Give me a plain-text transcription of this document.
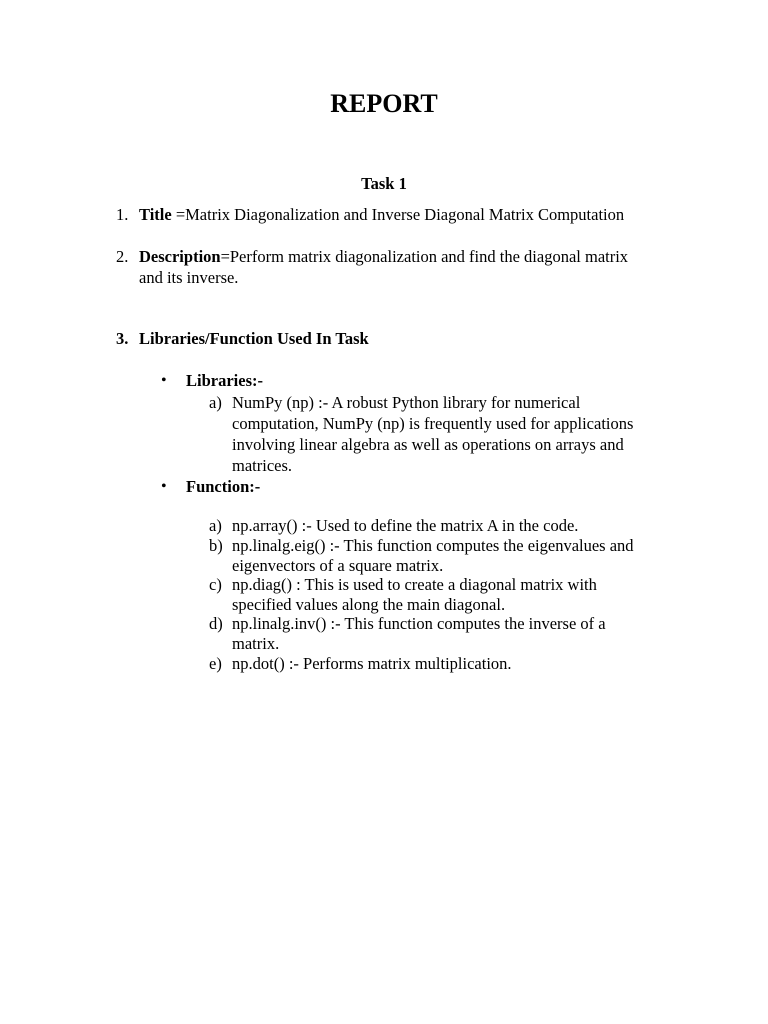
REPORT
Task 1
1. Title =Matrix Diagonalization and Inverse Diagonal Matrix Computation
2. Description=Perform matrix diagonalization and find the diagonal matrix
and its inverse.
3. Libraries/Function Used In Task
• Libraries:-
a) NumPy (np) :- A robust Python library for numerical
computation, NumPy (np) is frequently used for applications
involving linear algebra as well as operations on arrays and
matrices.
• Function:-
a) np.array() :- Used to define the matrix A in the code.
b) np.linalg.eig() :- This function computes the eigenvalues and
eigenvectors of a square matrix.
c) np.diag() : This is used to create a diagonal matrix with
specified values along the main diagonal.
d) np.linalg.inv() :- This function computes the inverse of a
matrix.
e) np.dot() :- Performs matrix multiplication.
